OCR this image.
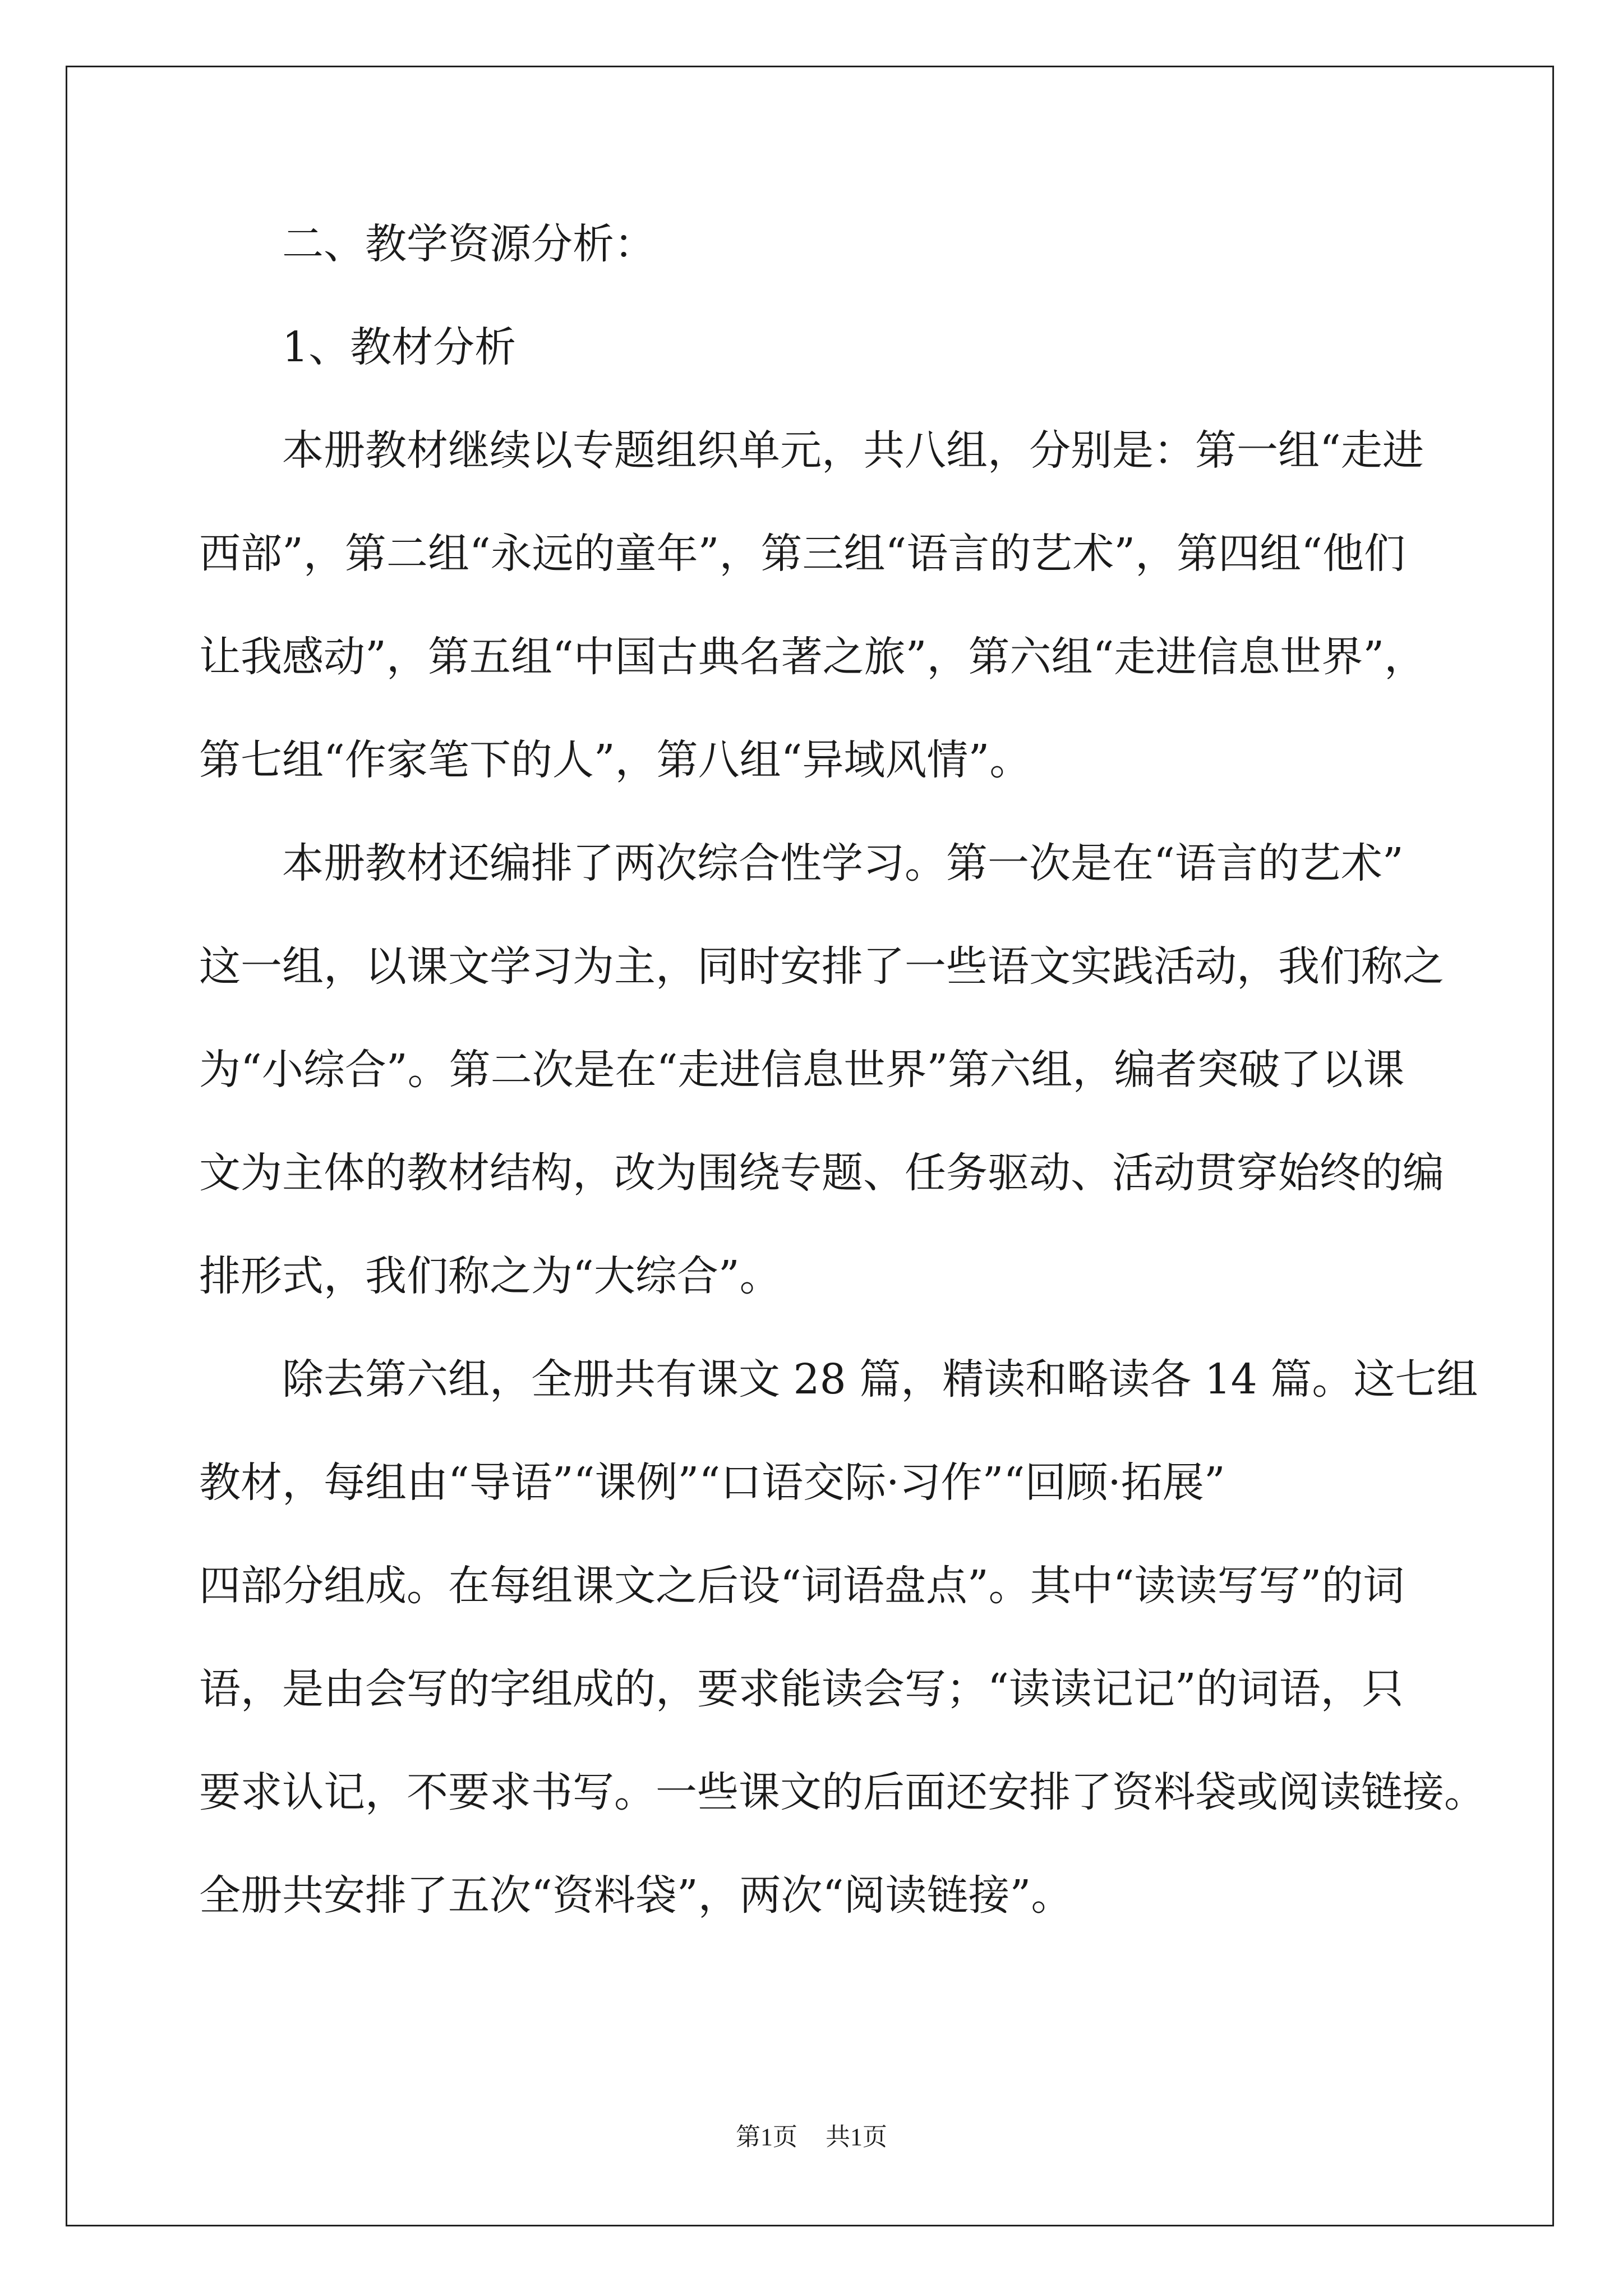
二、教学资源分析：
1、教材分析
本册教材继续以专题组织单元，共八组，分别是：第一组“走进
西部”，第二组“永远的童年”，第三组“语言的艺术”，第四组“他们
让我感动”，第五组“中国古典名著之旅”，第六组“走进信息世界”，
第七组“作家笔下的人”，第八组“异域风情”。
本册教材还编排了两次综合性学习。第一次是在“语言的艺术”
这一组，以课文学习为主，同时安排了一些语文实践活动，我们称之
为“小综合”。第二次是在“走进信息世界”第六组，编者突破了以课
文为主体的教材结构，改为围绕专题、任务驱动、活动贯穿始终的编
排形式，我们称之为“大综合”。
除去第六组，全册共有课文 28 篇，精读和略读各 14 篇。这七组
教材，每组由“导语”“课例”“口语交际·习作”“回顾·拓展”
四部分组成。在每组课文之后设“词语盘点”。其中“读读写写”的词
语，是由会写的字组成的，要求能读会写；“读读记记”的词语，只
要求认记，不要求书写。一些课文的后面还安排了资料袋或阅读链接。
全册共安排了五次“资料袋”，两次“阅读链接”。
第1页 共1页
